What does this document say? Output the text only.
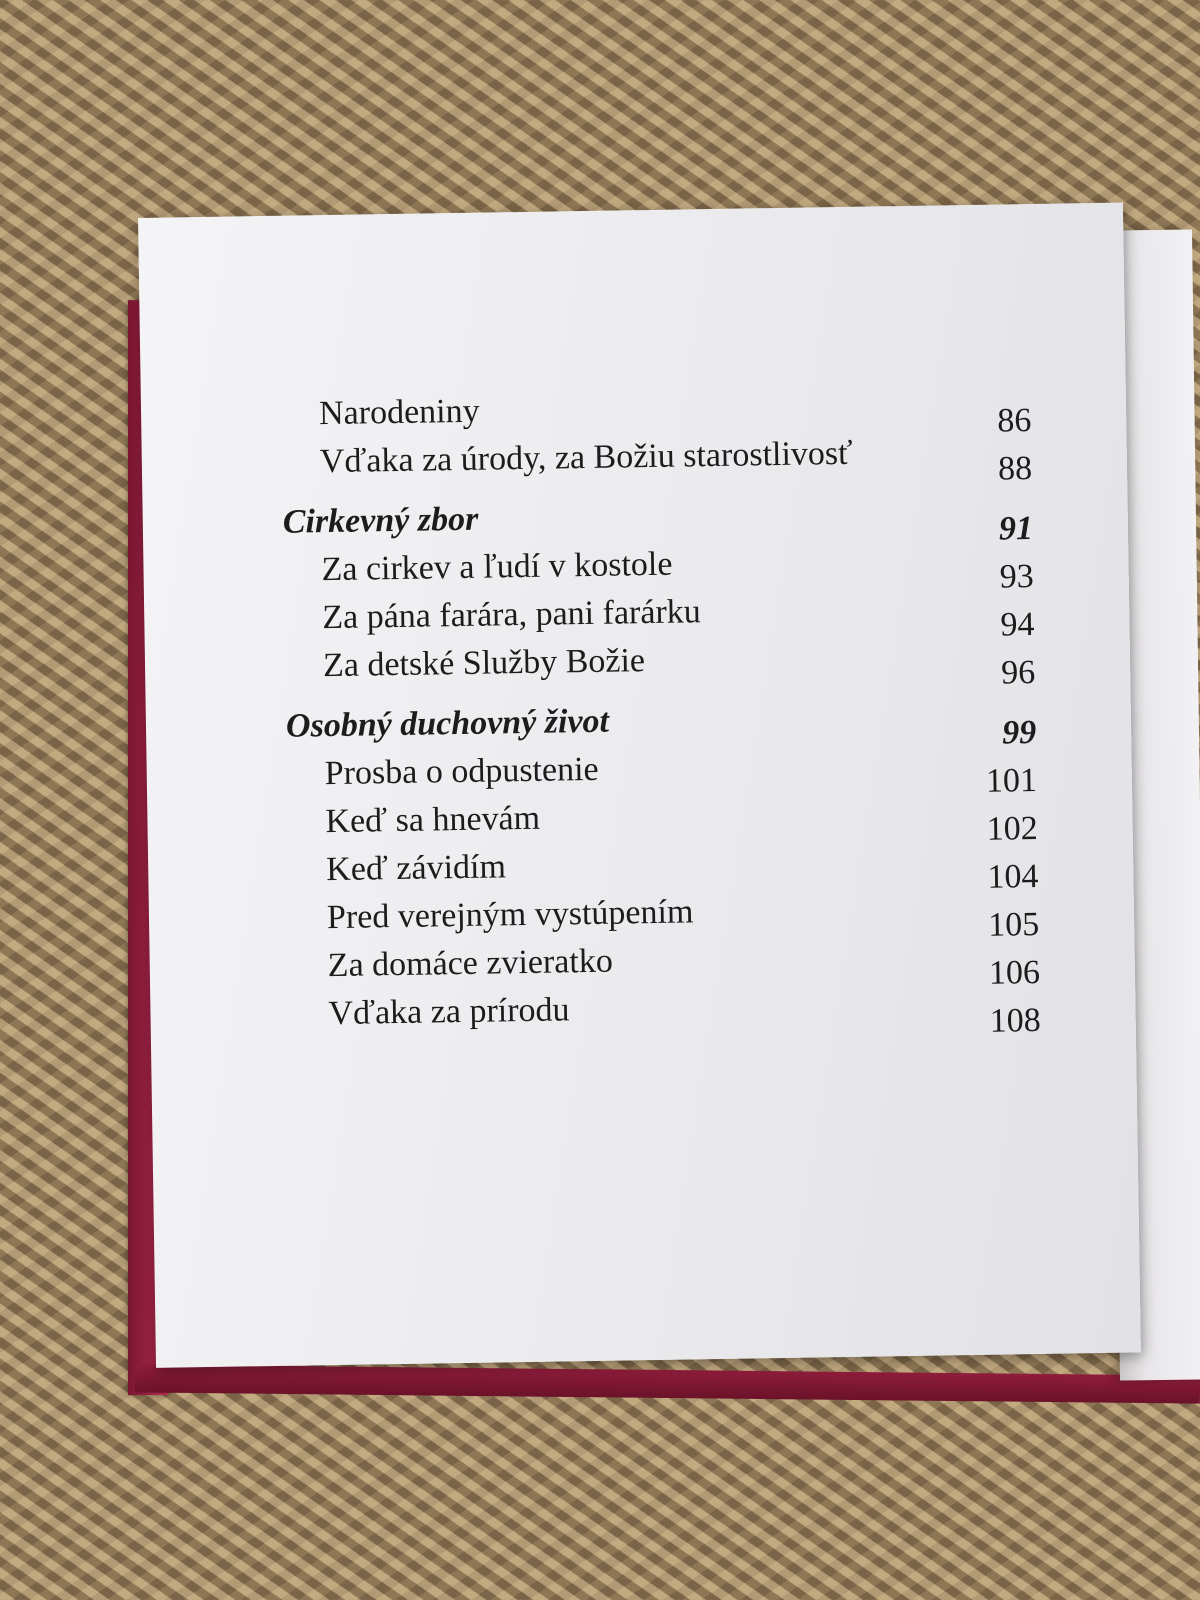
Narodeniny	86
Vďaka za úrody, za Božiu starostlivosť	88
Cirkevný zbor	91
Za cirkev a ľudí v kostole	93
Za pána farára, pani farárku	94
Za detské Služby Božie	96
Osobný duchovný život	99
Prosba o odpustenie	101
Keď sa hnevám	102
Keď závidím	104
Pred verejným vystúpením	105
Za domáce zvieratko	106
Vďaka za prírodu	108
